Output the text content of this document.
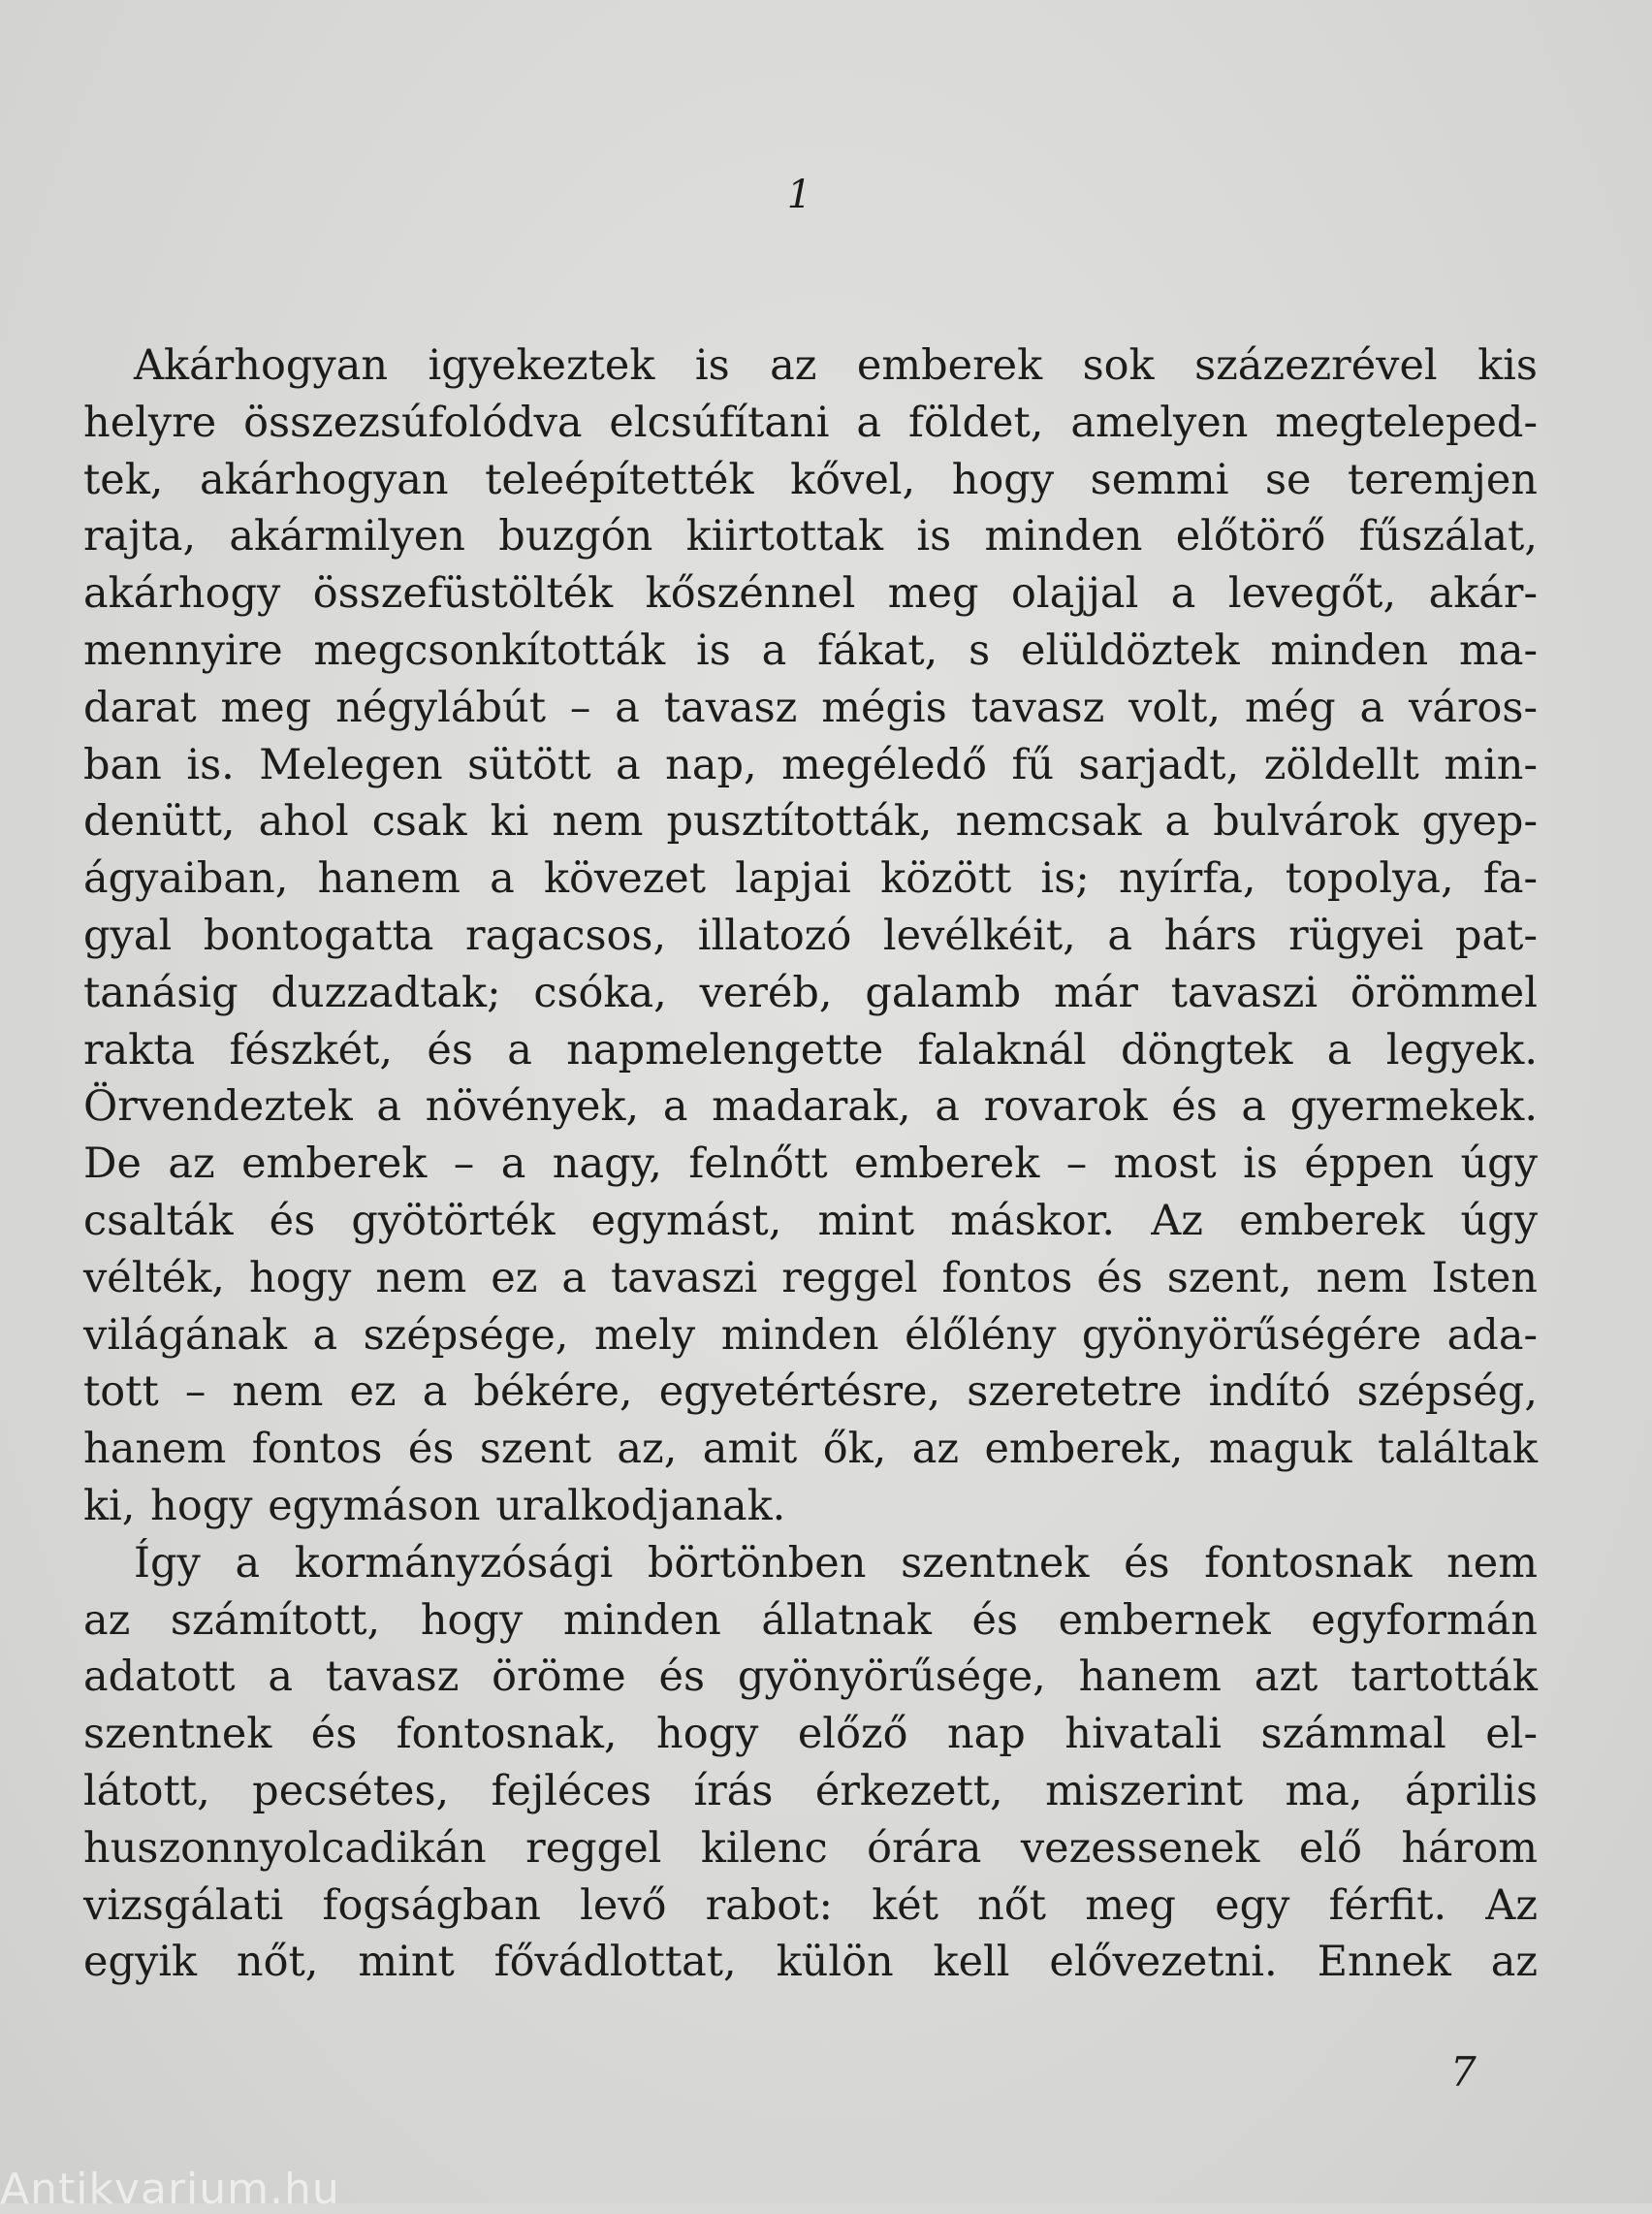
1
Akárhogyan igyekeztek is az emberek sok százezrével kis
helyre összezsúfolódva elcsúfítani a földet, amelyen megteleped-
tek, akárhogyan teleépítették kővel, hogy semmi se teremjen
rajta, akármilyen buzgón kiirtottak is minden előtörő fűszálat,
akárhogy összefüstölték kőszénnel meg olajjal a levegőt, akár-
mennyire megcsonkították is a fákat, s elüldöztek minden ma-
darat meg négylábút – a tavasz mégis tavasz volt, még a város-
ban is. Melegen sütött a nap, megéledő fű sarjadt, zöldellt min-
denütt, ahol csak ki nem pusztították, nemcsak a bulvárok gyep-
ágyaiban, hanem a kövezet lapjai között is; nyírfa, topolya, fa-
gyal bontogatta ragacsos, illatozó levélkéit, a hárs rügyei pat-
tanásig duzzadtak; csóka, veréb, galamb már tavaszi örömmel
rakta fészkét, és a napmelengette falaknál döngtek a legyek.
Örvendeztek a növények, a madarak, a rovarok és a gyermekek.
De az emberek – a nagy, felnőtt emberek – most is éppen úgy
csalták és gyötörték egymást, mint máskor. Az emberek úgy
vélték, hogy nem ez a tavaszi reggel fontos és szent, nem Isten
világának a szépsége, mely minden élőlény gyönyörűségére ada-
tott – nem ez a békére, egyetértésre, szeretetre indító szépség,
hanem fontos és szent az, amit ők, az emberek, maguk találtak
ki, hogy egymáson uralkodjanak.
Így a kormányzósági börtönben szentnek és fontosnak nem
az számított, hogy minden állatnak és embernek egyformán
adatott a tavasz öröme és gyönyörűsége, hanem azt tartották
szentnek és fontosnak, hogy előző nap hivatali számmal el-
látott, pecsétes, fejléces írás érkezett, miszerint ma, április
huszonnyolcadikán reggel kilenc órára vezessenek elő három
vizsgálati fogságban levő rabot: két nőt meg egy férfit. Az
egyik nőt, mint fővádlottat, külön kell elővezetni. Ennek az
7
Antikvarium.hu
